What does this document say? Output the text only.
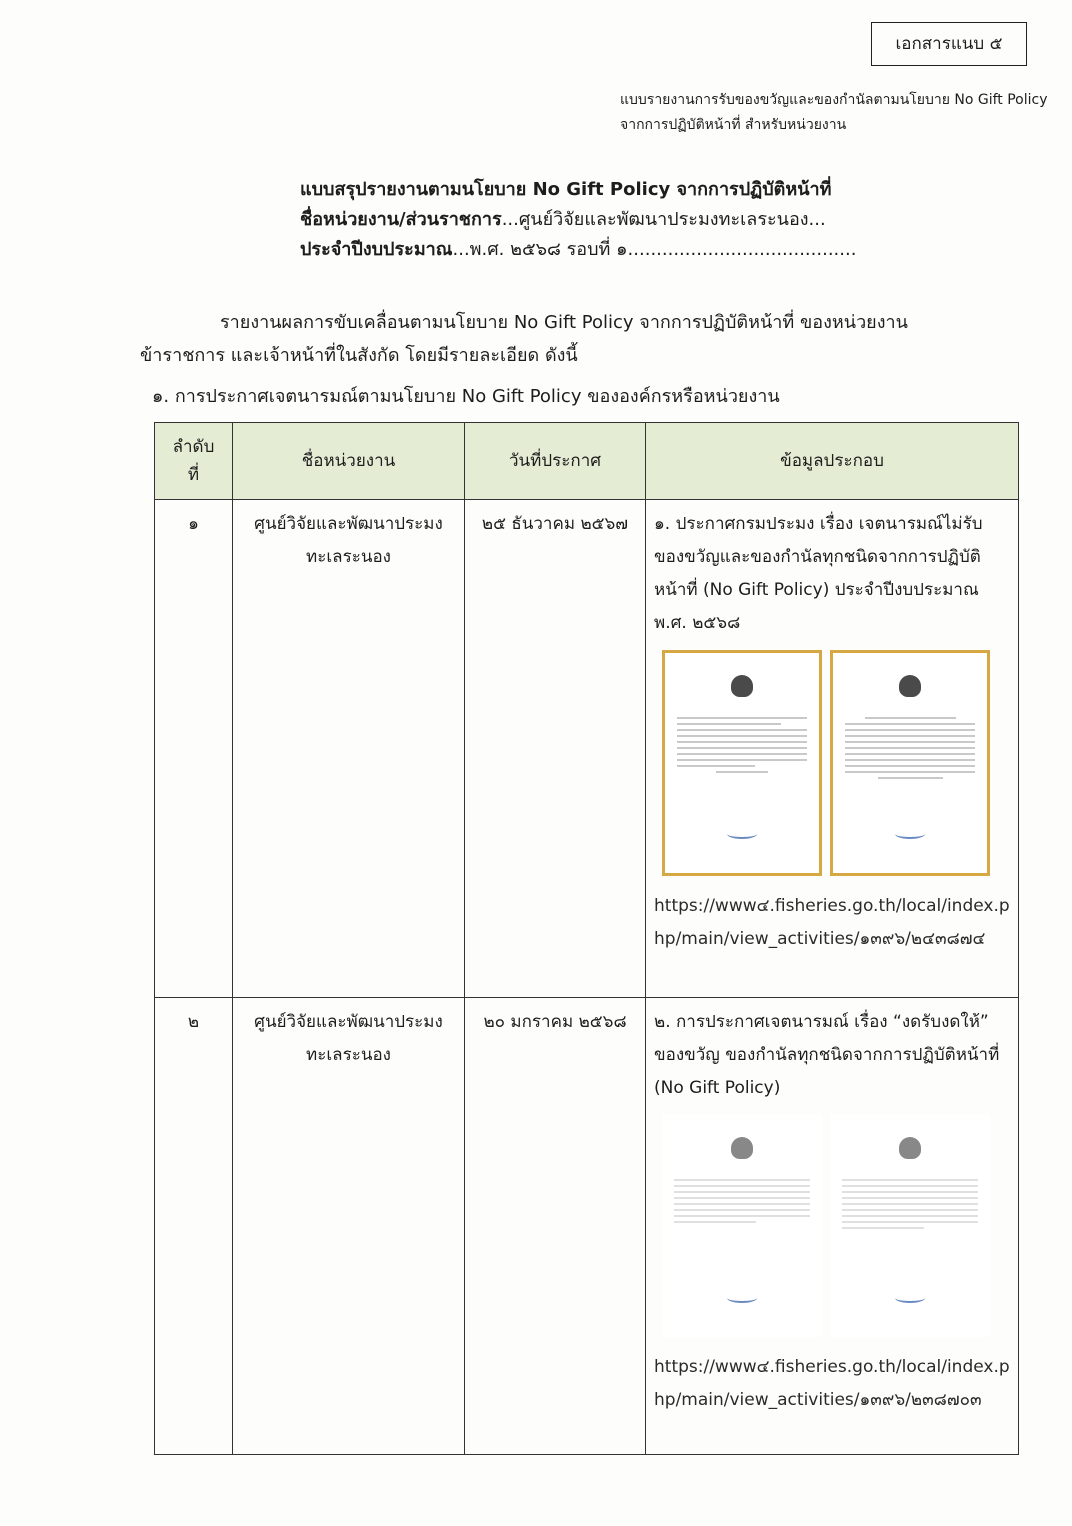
เอกสารแนบ ๕
แบบรายงานการรับของขวัญและของกำนัลตามนโยบาย No Gift Policy
จากการปฏิบัติหน้าที่ สำหรับหน่วยงาน
แบบสรุปรายงานตามนโยบาย No Gift Policy จากการปฏิบัติหน้าที่
ชื่อหน่วยงาน/ส่วนราชการ...ศูนย์วิจัยและพัฒนาประมงทะเลระนอง...
ประจำปีงบประมาณ...พ.ศ. ๒๕๖๘ รอบที่ ๑........................................
รายงานผลการขับเคลื่อนตามนโยบาย No Gift Policy จากการปฏิบัติหน้าที่ ของหน่วยงาน
ข้าราชการ และเจ้าหน้าที่ในสังกัด โดยมีรายละเอียด ดังนี้
๑. การประกาศเจตนารมณ์ตามนโยบาย No Gift Policy ขององค์กรหรือหน่วยงาน
ลำดับที่	ชื่อหน่วยงาน	วันที่ประกาศ	ข้อมูลประกอบ
๑	ศูนย์วิจัยและพัฒนาประมงทะเลระนอง	๒๕ ธันวาคม ๒๕๖๗	๑. ประกาศกรมประมง เรื่อง เจตนารมณ์ไม่รับของขวัญและของกำนัลทุกชนิดจากการปฏิบัติหน้าที่ (No Gift Policy) ประจำปีงบประมาณ พ.ศ. ๒๕๖๘
https://www๔.fisheries.go.th/local/index.php/main/view_activities/๑๓๙๖/๒๔๓๘๗๔

๒	ศูนย์วิจัยและพัฒนาประมงทะเลระนอง	๒๐ มกราคม ๒๕๖๘	๒. การประกาศเจตนารมณ์ เรื่อง “งดรับงดให้” ของขวัญ ของกำนัลทุกชนิดจากการปฏิบัติหน้าที่ (No Gift Policy)
https://www๔.fisheries.go.th/local/index.php/main/view_activities/๑๓๙๖/๒๓๘๗๐๓
